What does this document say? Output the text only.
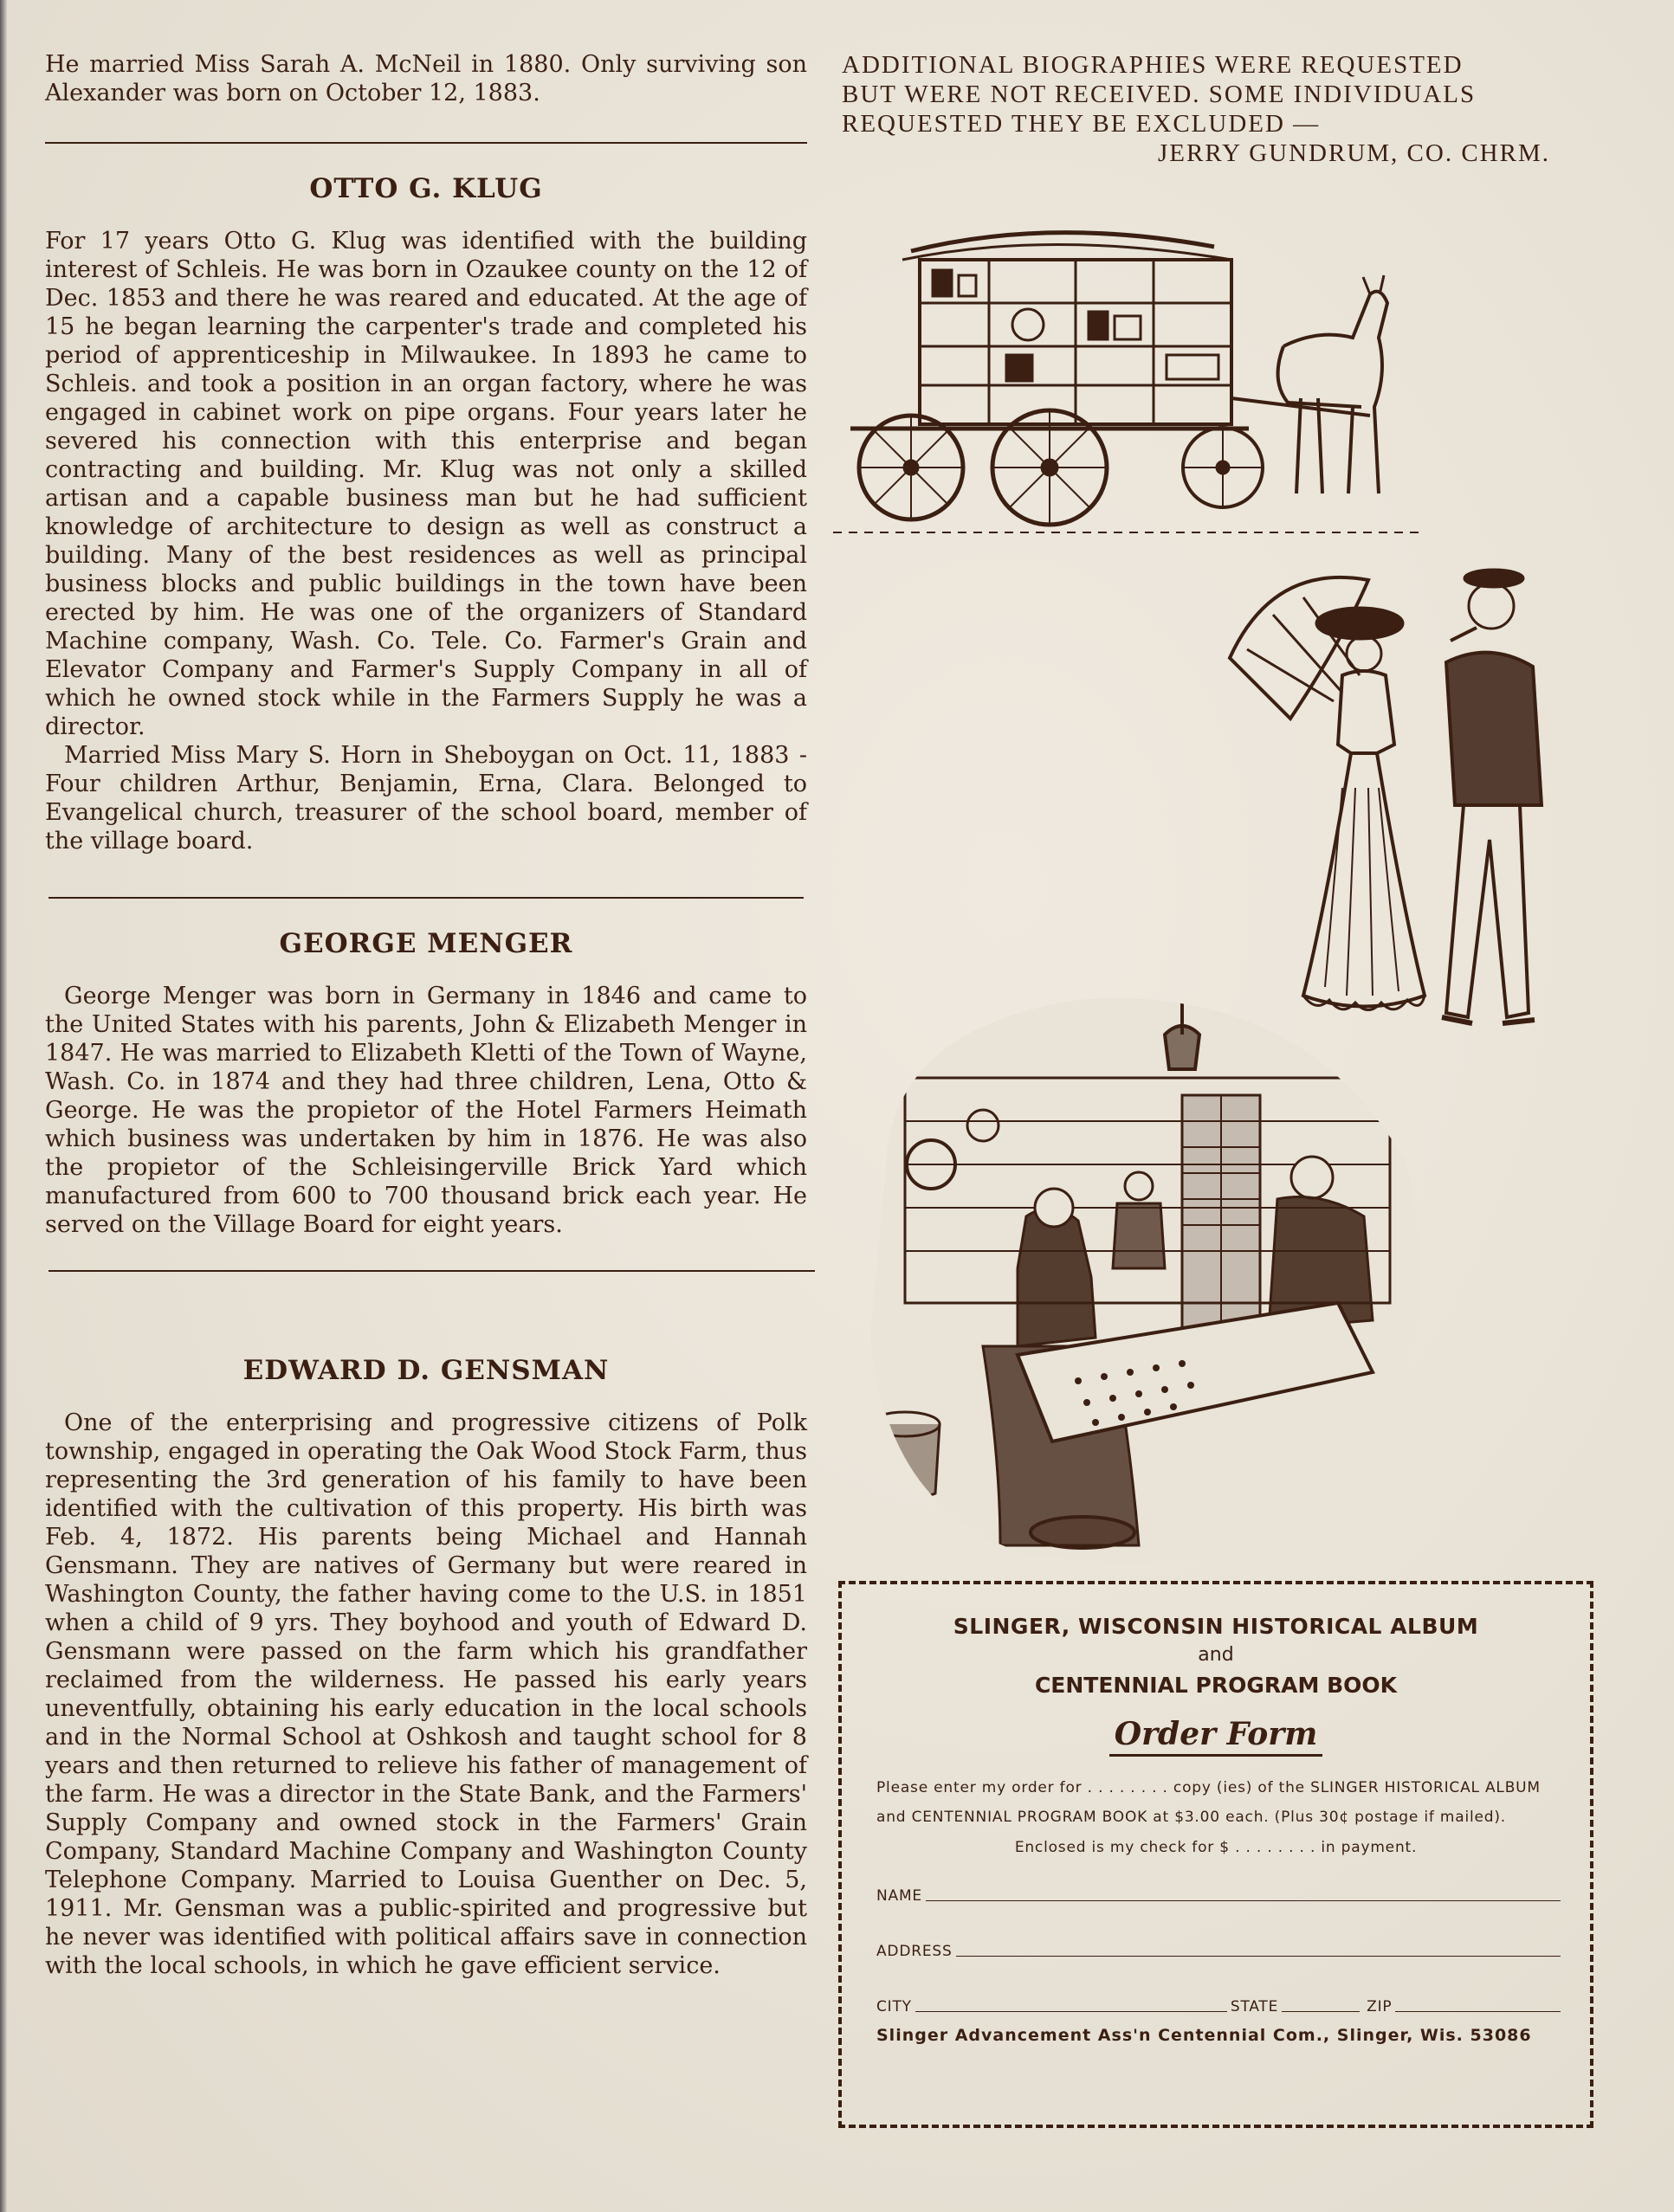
He married Miss Sarah A. McNeil in 1880. Only surviving son Alexander was born on October 12, 1883.

OTTO G. KLUG

For 17 years Otto G. Klug was identified with the building interest of Schleis. He was born in Ozaukee county on the 12 of Dec. 1853 and there he was reared and educated. At the age of 15 he began learning the carpenter's trade and completed his period of apprenticeship in Milwaukee. In 1893 he came to Schleis. and took a position in an organ factory, where he was engaged in cabinet work on pipe organs. Four years later he severed his connection with this enterprise and began contracting and building. Mr. Klug was not only a skilled artisan and a capable business man but he had sufficient knowledge of architecture to design as well as construct a building. Many of the best residences as well as principal business blocks and public buildings in the town have been erected by him. He was one of the organizers of Standard Machine company, Wash. Co. Tele. Co. Farmer's Grain and Elevator Company and Farmer's Supply Company in all of which he owned stock while in the Farmers Supply he was a director.

Married Miss Mary S. Horn in Sheboygan on Oct. 11, 1883 - Four children Arthur, Benjamin, Erna, Clara. Belonged to Evangelical church, treasurer of the school board, member of the village board.

GEORGE MENGER

George Menger was born in Germany in 1846 and came to the United States with his parents, John & Elizabeth Menger in 1847. He was married to Elizabeth Kletti of the Town of Wayne, Wash. Co. in 1874 and they had three children, Lena, Otto & George. He was the propietor of the Hotel Farmers Heimath which business was undertaken by him in 1876. He was also the propietor of the Schleisingerville Brick Yard which manufactured from 600 to 700 thousand brick each year. He served on the Village Board for eight years.

EDWARD D. GENSMAN

One of the enterprising and progressive citizens of Polk township, engaged in operating the Oak Wood Stock Farm, thus representing the 3rd generation of his family to have been identified with the cultivation of this property. His birth was Feb. 4, 1872. His parents being Michael and Hannah Gensmann. They are natives of Germany but were reared in Washington County, the father having come to the U.S. in 1851 when a child of 9 yrs. They boyhood and youth of Edward D. Gensmann were passed on the farm which his grandfather reclaimed from the wilderness. He passed his early years uneventfully, obtaining his early education in the local schools and in the Normal School at Oshkosh and taught school for 8 years and then returned to relieve his father of management of the farm. He was a director in the State Bank, and the Farmers' Supply Company and owned stock in the Farmers' Grain Company, Standard Machine Company and Washington County Telephone Company. Married to Louisa Guenther on Dec. 5, 1911. Mr. Gensman was a public-spirited and progressive but he never was identified with political affairs save in connection with the local schools, in which he gave efficient service.

ADDITIONAL BIOGRAPHIES WERE REQUESTED
BUT WERE NOT RECEIVED. SOME INDIVIDUALS
REQUESTED THEY BE EXCLUDED —
JERRY GUNDRUM, CO. CHRM.
SLINGER, WISCONSIN HISTORICAL ALBUM
and
CENTENNIAL PROGRAM BOOK
Order Form
Please enter my order for . . . . . . . . copy (ies) of the SLINGER HISTORICAL ALBUM and CENTENNIAL PROGRAM BOOK at $3.00 each. (Plus 30¢ postage if mailed).
Enclosed is my check for $ . . . . . . . . in payment.
NAME
ADDRESS
CITY	STATE	ZIP
Slinger Advancement Ass'n Centennial Com., Slinger, Wis. 53086
